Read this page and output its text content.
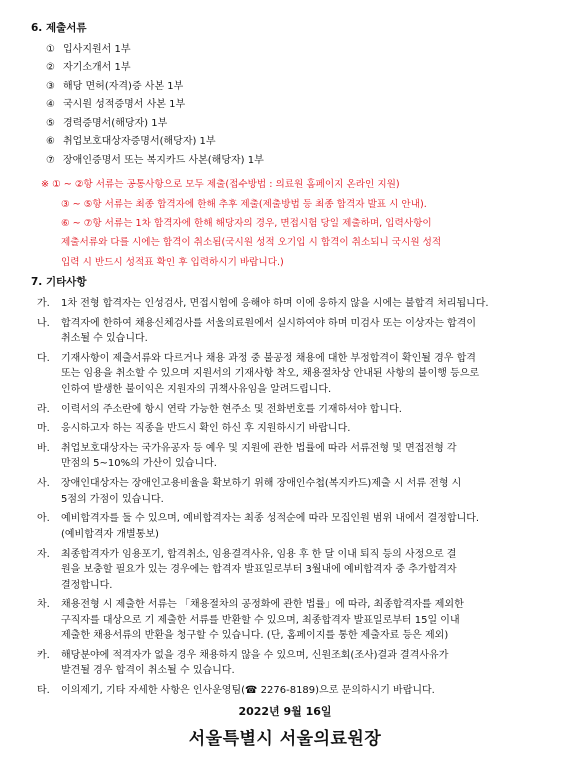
6. 제출서류
① 입사지원서 1부
② 자기소개서 1부
③ 해당 면허(자격)증 사본 1부
④ 국시원 성적증명서 사본 1부
⑤ 경력증명서(해당자) 1부
⑥ 취업보호대상자증명서(해당자) 1부
⑦ 장애인증명서 또는 복지카드 사본(해당자) 1부
※ ① ~ ②항 서류는 공통사항으로 모두 제출(접수방법 : 의료원 홈페이지 온라인 지원)
③ ~ ⑤항 서류는 최종 합격자에 한해 추후 제출(제출방법 등 최종 합격자 발표 시 안내).
⑥ ~ ⑦항 서류는 1차 합격자에 한해 해당자의 경우, 면접시험 당일 제출하며, 입력사항이
제출서류와 다를 시에는 합격이 취소됨(국시원 성적 오기입 시 합격이 취소되니 국시원 성적
입력 시 반드시 성적표 확인 후 입력하시기 바랍니다.)
7. 기타사항
가.	1차 전형 합격자는 인성검사, 면접시험에 응해야 하며 이에 응하지 않을 시에는 불합격 처리됩니다.
나.	합격자에 한하여 채용신체검사를 서울의료원에서 실시하여야 하며 미검사 또는 이상자는 합격이
취소될 수 있습니다.
다.	기재사항이 제출서류와 다르거나 채용 과정 중 불공정 채용에 대한 부정합격이 확인될 경우 합격
또는 임용을 취소할 수 있으며 지원서의 기재사항 착오, 채용절차상 안내된 사항의 불이행 등으로
인하여 발생한 불이익은 지원자의 귀책사유임을 알려드립니다.
라.	이력서의 주소란에 항시 연락 가능한 현주소 및 전화번호를 기재하셔야 합니다.
마.	응시하고자 하는 직종을 반드시 확인 하신 후 지원하시기 바랍니다.
바.	취업보호대상자는 국가유공자 등 예우 및 지원에 관한 법률에 따라 서류전형 및 면접전형 각
만점의 5~10%의 가산이 있습니다.
사.	장애인대상자는 장애인고용비율을 확보하기 위해 장애인수첩(복지카드)제출 시 서류 전형 시
5점의 가점이 있습니다.
아.	예비합격자를 둘 수 있으며, 예비합격자는 최종 성적순에 따라 모집인원 범위 내에서 결정합니다.
(예비합격자 개별통보)
자.	최종합격자가 임용포기, 합격취소, 임용결격사유, 임용 후 한 달 이내 퇴직 등의 사정으로 결
원을 보충할 필요가 있는 경우에는 합격자 발표일로부터 3월내에 예비합격자 중 추가합격자
결정합니다.
차.	채용전형 시 제출한 서류는 「채용절차의 공정화에 관한 법률」에 따라, 최종합격자를 제외한
구직자를 대상으로 기 제출한 서류를 반환할 수 있으며, 최종합격자 발표일로부터 15일 이내
제출한 채용서류의 반환을 청구할 수 있습니다. (단, 홈페이지를 통한 제출자료 등은 제외)
카.	해당분야에 적격자가 없을 경우 채용하지 않을 수 있으며, 신원조회(조사)결과 결격사유가
발견될 경우 합격이 취소될 수 있습니다.
타.	이의제기, 기타 자세한 사항은 인사운영팀(☎ 2276-8189)으로 문의하시기 바랍니다.
2022년 9월 16일
서울특별시 서울의료원장
